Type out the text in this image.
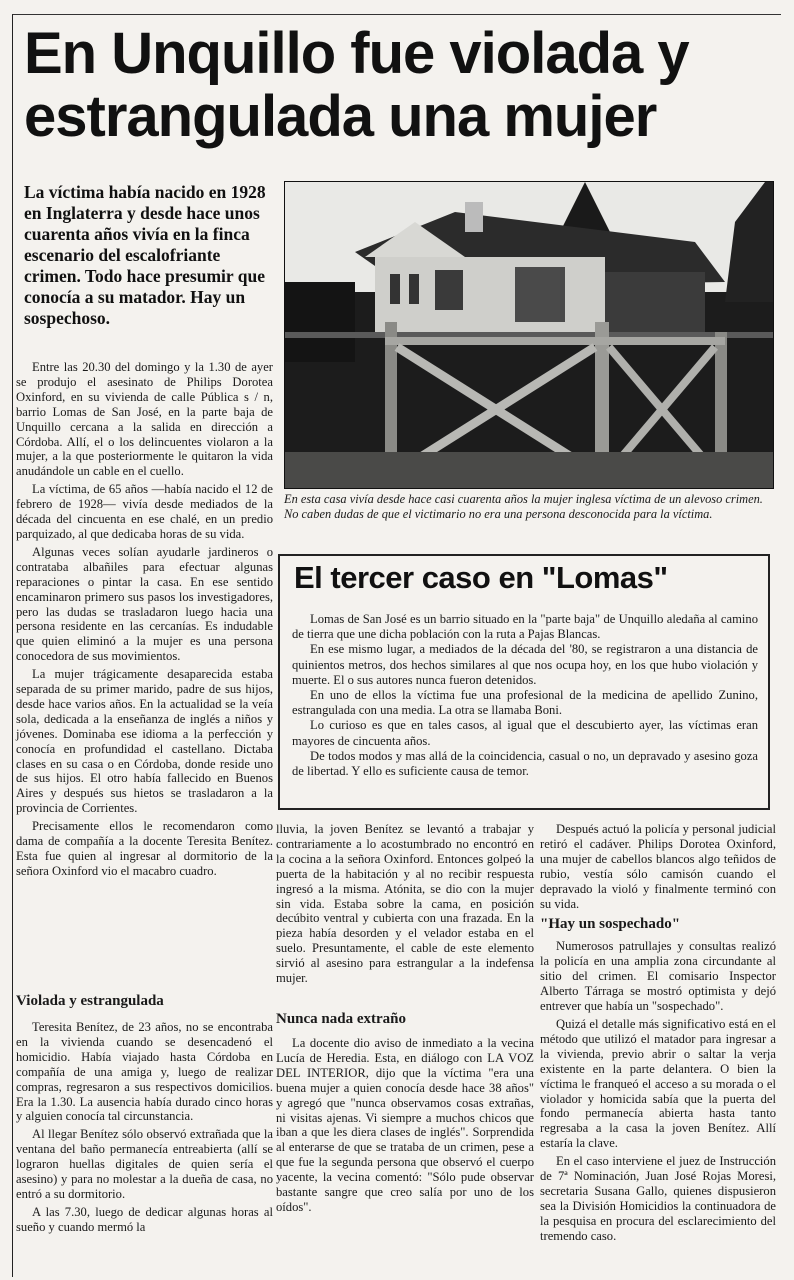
En Unquillo fue violada y estrangulada una mujer
La víctima había nacido en 1928 en Inglaterra y desde hace unos cuarenta años vivía en la finca escenario del escalofriante crimen. Todo hace presumir que conocía a su matador. Hay un sospechoso.
En esta casa vivía desde hace casi cuarenta años la mujer inglesa víctima de un alevoso crimen. No caben dudas de que el victimario no era una persona desconocida para la víctima.

Entre las 20.30 del domingo y la 1.30 de ayer se produjo el asesinato de Philips Dorotea Oxinford, en su vivienda de calle Pública s / n, barrio Lomas de San José, en la parte baja de Unquillo cercana a la salida en dirección a Córdoba. Allí, el o los delincuentes violaron a la mujer, a la que posteriormente le quitaron la vida anudándole un cable en el cuello.

La víctima, de 65 años —había nacido el 12 de febrero de 1928— vivía desde mediados de la década del cincuenta en ese chalé, en un predio parquizado, al que dedicaba horas de su vida.

Algunas veces solían ayudarle jardineros o contrataba albañiles para efectuar algunas reparaciones o pintar la casa. En ese sentido encaminaron primero sus pasos los investigadores, pero las dudas se trasladaron luego hacia una persona residente en las cercanías. Es indudable que quien eliminó a la mujer es una persona conocedora de sus movimientos.

La mujer trágicamente desaparecida estaba separada de su primer marido, padre de sus hijos, desde hace varios años. En la actualidad se la veía sola, dedicada a la enseñanza de inglés a niños y jóvenes. Dominaba ese idioma a la perfección y conocía en profundidad el castellano. Dictaba clases en su casa o en Córdoba, donde reside uno de sus hijos. El otro había fallecido en Buenos Aires y después sus hietos se trasladaron a la provincia de Corrientes.

Precisamente ellos le recomendaron como dama de compañía a la docente Teresita Benítez. Esta fue quien al ingresar al dormitorio de la señora Oxinford vio el macabro cuadro.

Violada y estrangulada

Teresita Benítez, de 23 años, no se encontraba en la vivienda cuando se desencadenó el homicidio. Había viajado hasta Córdoba en compañía de una amiga y, luego de realizar compras, regresaron a sus respectivos domicilios. Era la 1.30. La ausencia había durado cinco horas y alguien conocía tal circunstancia.

Al llegar Benítez sólo observó extrañada que la ventana del baño permanecía entreabierta (allí se lograron huellas digitales de quien sería el asesino) y para no molestar a la dueña de casa, no entró a su dormitorio.

A las 7.30, luego de dedicar algunas horas al sueño y cuando mermó la

El tercer caso en "Lomas"

Lomas de San José es un barrio situado en la "parte baja" de Unquillo aledaña al camino de tierra que une dicha población con la ruta a Pajas Blancas.

En ese mismo lugar, a mediados de la década del '80, se registraron a una distancia de quinientos metros, dos hechos similares al que nos ocupa hoy, en los que hubo violación y muerte. El o sus autores nunca fueron detenidos.

En uno de ellos la víctima fue una profesional de la medicina de apellido Zunino, estrangulada con una media. La otra se llamaba Boni.

Lo curioso es que en tales casos, al igual que el descubierto ayer, las víctimas eran mayores de cincuenta años.

De todos modos y mas allá de la coincidencia, casual o no, un depravado y asesino goza de libertad. Y ello es suficiente causa de temor.

lluvia, la joven Benítez se levantó a trabajar y contrariamente a lo acostumbrado no encontró en la cocina a la señora Oxinford. Entonces golpeó la puerta de la habitación y al no recibir respuesta ingresó a la misma. Atónita, se dio con la mujer sin vida. Estaba sobre la cama, en posición decúbito ventral y cubierta con una frazada. En la pieza había desorden y el velador estaba en el suelo. Presuntamente, el cable de este elemento sirvió al asesino para estrangular a la indefensa mujer.

Nunca nada extraño

La docente dio aviso de inmediato a la vecina Lucía de Heredia. Esta, en diálogo con LA VOZ DEL INTERIOR, dijo que la víctima "era una buena mujer a quien conocía desde hace 38 años" y agregó que "nunca observamos cosas extrañas, ni visitas ajenas. Vi siempre a muchos chicos que iban a que les diera clases de inglés". Sorprendida al enterarse de que se trataba de un crimen, pese a que fue la segunda persona que observó el cuerpo yacente, la vecina comentó: "Sólo pude observar bastante sangre que creo salía por uno de los oídos".

Después actuó la policía y personal judicial retiró el cadáver. Philips Dorotea Oxinford, una mujer de cabellos blancos algo teñidos de rubio, vestía sólo camisón cuando el depravado la violó y finalmente terminó con su vida.

"Hay un sospechado"

Numerosos patrullajes y consultas realizó la policía en una amplia zona circundante al sitio del crimen. El comisario Inspector Alberto Tárraga se mostró optimista y dejó entrever que había un "sospechado".

Quizá el detalle más significativo está en el método que utilizó el matador para ingresar a la vivienda, previo abrir o saltar la verja existente en la parte delantera. O bien la víctima le franqueó el acceso a su morada o el violador y homicida sabía que la puerta del fondo permanecía abierta hasta tanto regresaba a la casa la joven Benítez. Allí estaría la clave.

En el caso interviene el juez de Instrucción de 7ª Nominación, Juan José Rojas Moresi, secretaria Susana Gallo, quienes dispusieron sea la División Homicidios la continuadora de la pesquisa en procura del esclarecimiento del tremendo caso.
